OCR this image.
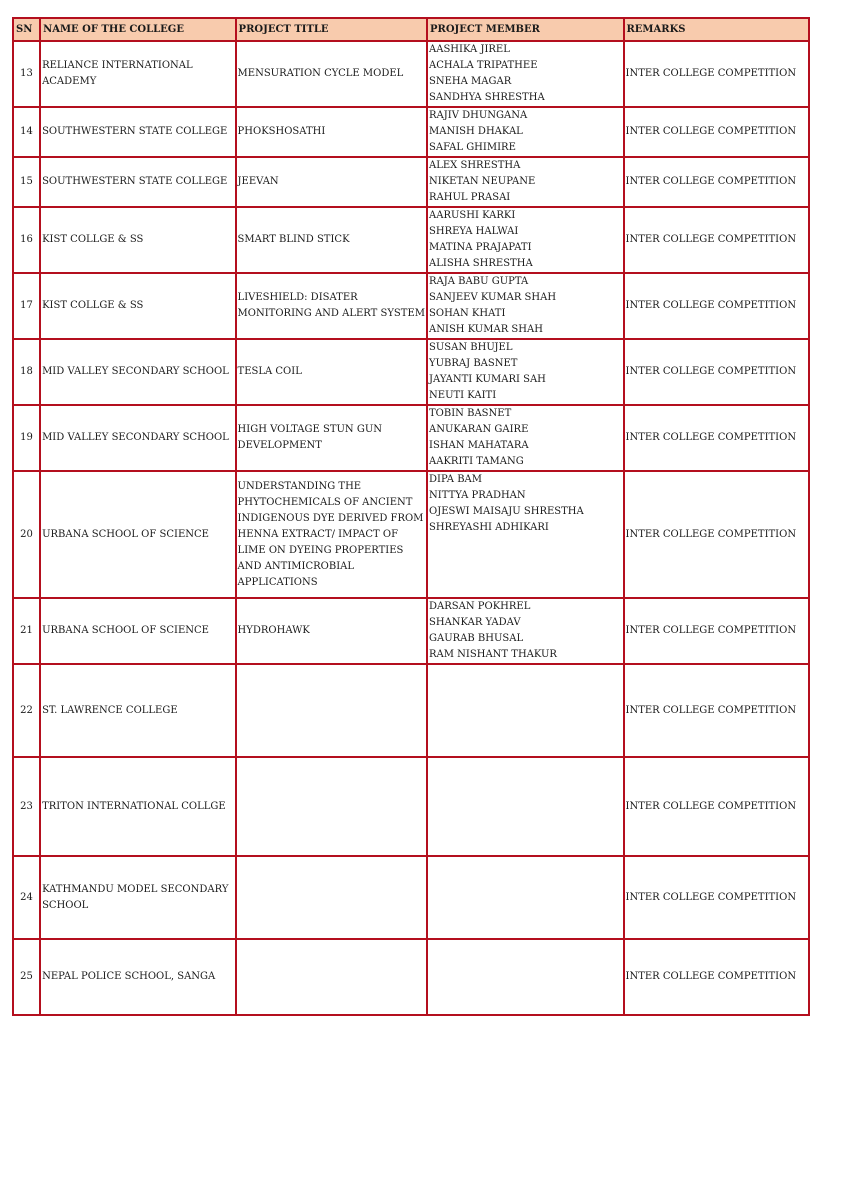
SN	NAME OF THE COLLEGE	PROJECT TITLE	PROJECT MEMBER	REMARKS
13	RELIANCE INTERNATIONAL ACADEMY	MENSURATION CYCLE MODEL	AASHIKA JIREL
ACHALA TRIPATHEE
SNEHA MAGAR
SANDHYA SHRESTHA	INTER COLLEGE COMPETITION
14	SOUTHWESTERN STATE COLLEGE	PHOKSHOSATHI	RAJIV DHUNGANA
MANISH DHAKAL
SAFAL GHIMIRE	INTER COLLEGE COMPETITION
15	SOUTHWESTERN STATE COLLEGE	JEEVAN	ALEX SHRESTHA
NIKETAN NEUPANE
RAHUL PRASAI	INTER COLLEGE COMPETITION
16	KIST COLLGE & SS	SMART BLIND STICK	AARUSHI KARKI
SHREYA HALWAI
MATINA PRAJAPATI
ALISHA SHRESTHA	INTER COLLEGE COMPETITION
17	KIST COLLGE & SS	LIVESHIELD: DISATER MONITORING AND ALERT SYSTEM	RAJA BABU GUPTA
SANJEEV KUMAR SHAH
SOHAN KHATI
ANISH KUMAR SHAH	INTER COLLEGE COMPETITION
18	MID VALLEY SECONDARY SCHOOL	TESLA COIL	SUSAN BHUJEL
YUBRAJ BASNET
JAYANTI KUMARI SAH
NEUTI KAITI	INTER COLLEGE COMPETITION
19	MID VALLEY SECONDARY SCHOOL	HIGH VOLTAGE STUN GUN DEVELOPMENT	TOBIN BASNET
ANUKARAN GAIRE
ISHAN MAHATARA
AAKRITI TAMANG	INTER COLLEGE COMPETITION
20	URBANA SCHOOL OF SCIENCE	UNDERSTANDING THE PHYTOCHEMICALS OF ANCIENT INDIGENOUS DYE DERIVED FROM HENNA EXTRACT/ IMPACT OF LIME ON DYEING PROPERTIES AND ANTIMICROBIAL APPLICATIONS	DIPA BAM
NITTYA PRADHAN
OJESWI MAISAJU SHRESTHA
SHREYASHI ADHIKARI	INTER COLLEGE COMPETITION
21	URBANA SCHOOL OF SCIENCE	HYDROHAWK	DARSAN POKHREL
SHANKAR YADAV
GAURAB BHUSAL
RAM NISHANT THAKUR	INTER COLLEGE COMPETITION
22	ST. LAWRENCE COLLEGE			INTER COLLEGE COMPETITION
23	TRITON INTERNATIONAL COLLGE			INTER COLLEGE COMPETITION
24	KATHMANDU MODEL SECONDARY SCHOOL			INTER COLLEGE COMPETITION
25	NEPAL POLICE SCHOOL, SANGA			INTER COLLEGE COMPETITION
